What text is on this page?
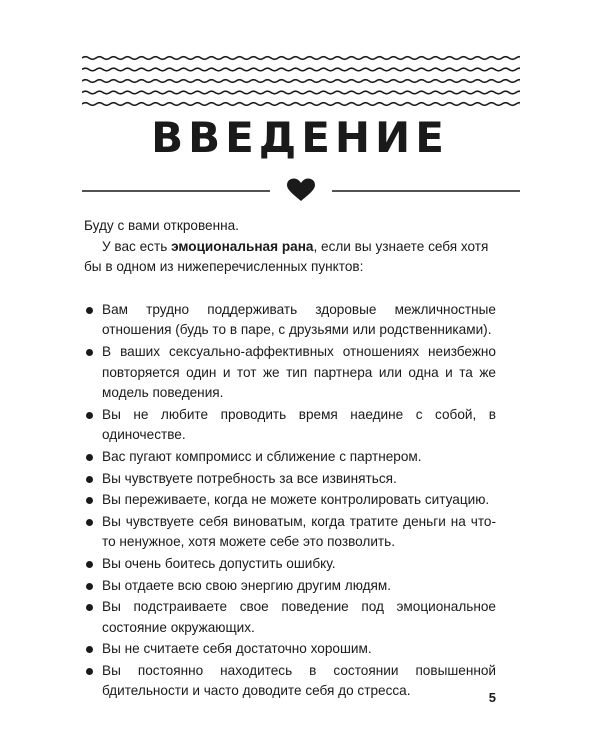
ВВЕДЕНИЕ

Буду с вами откровенна.

У вас есть эмоциональная рана, если вы узнаете себя хотя бы в одном из нижеперечисленных пунктов:

Вам трудно поддерживать здоровые межличностные отношения (будь то в паре, с друзьями или родственниками).
В ваших сексуально-аффективных отношениях неизбежно повторяется один и тот же тип партнера или одна и та же модель поведения.
Вы не любите проводить время наедине с собой, в одиночестве.
Вас пугают компромисс и сближение с партнером.
Вы чувствуете потребность за все извиняться.
Вы переживаете, когда не можете контролировать ситуацию.
Вы чувствуете себя виноватым, когда тратите деньги на что-то ненужное, хотя можете себе это позволить.
Вы очень боитесь допустить ошибку.
Вы отдаете всю свою энергию другим людям.
Вы подстраиваете свое поведение под эмоциональное состояние окружающих.
Вы не считаете себя достаточно хорошим.
Вы постоянно находитесь в состоянии повышенной бдительности и часто доводите себя до стресса.	5
